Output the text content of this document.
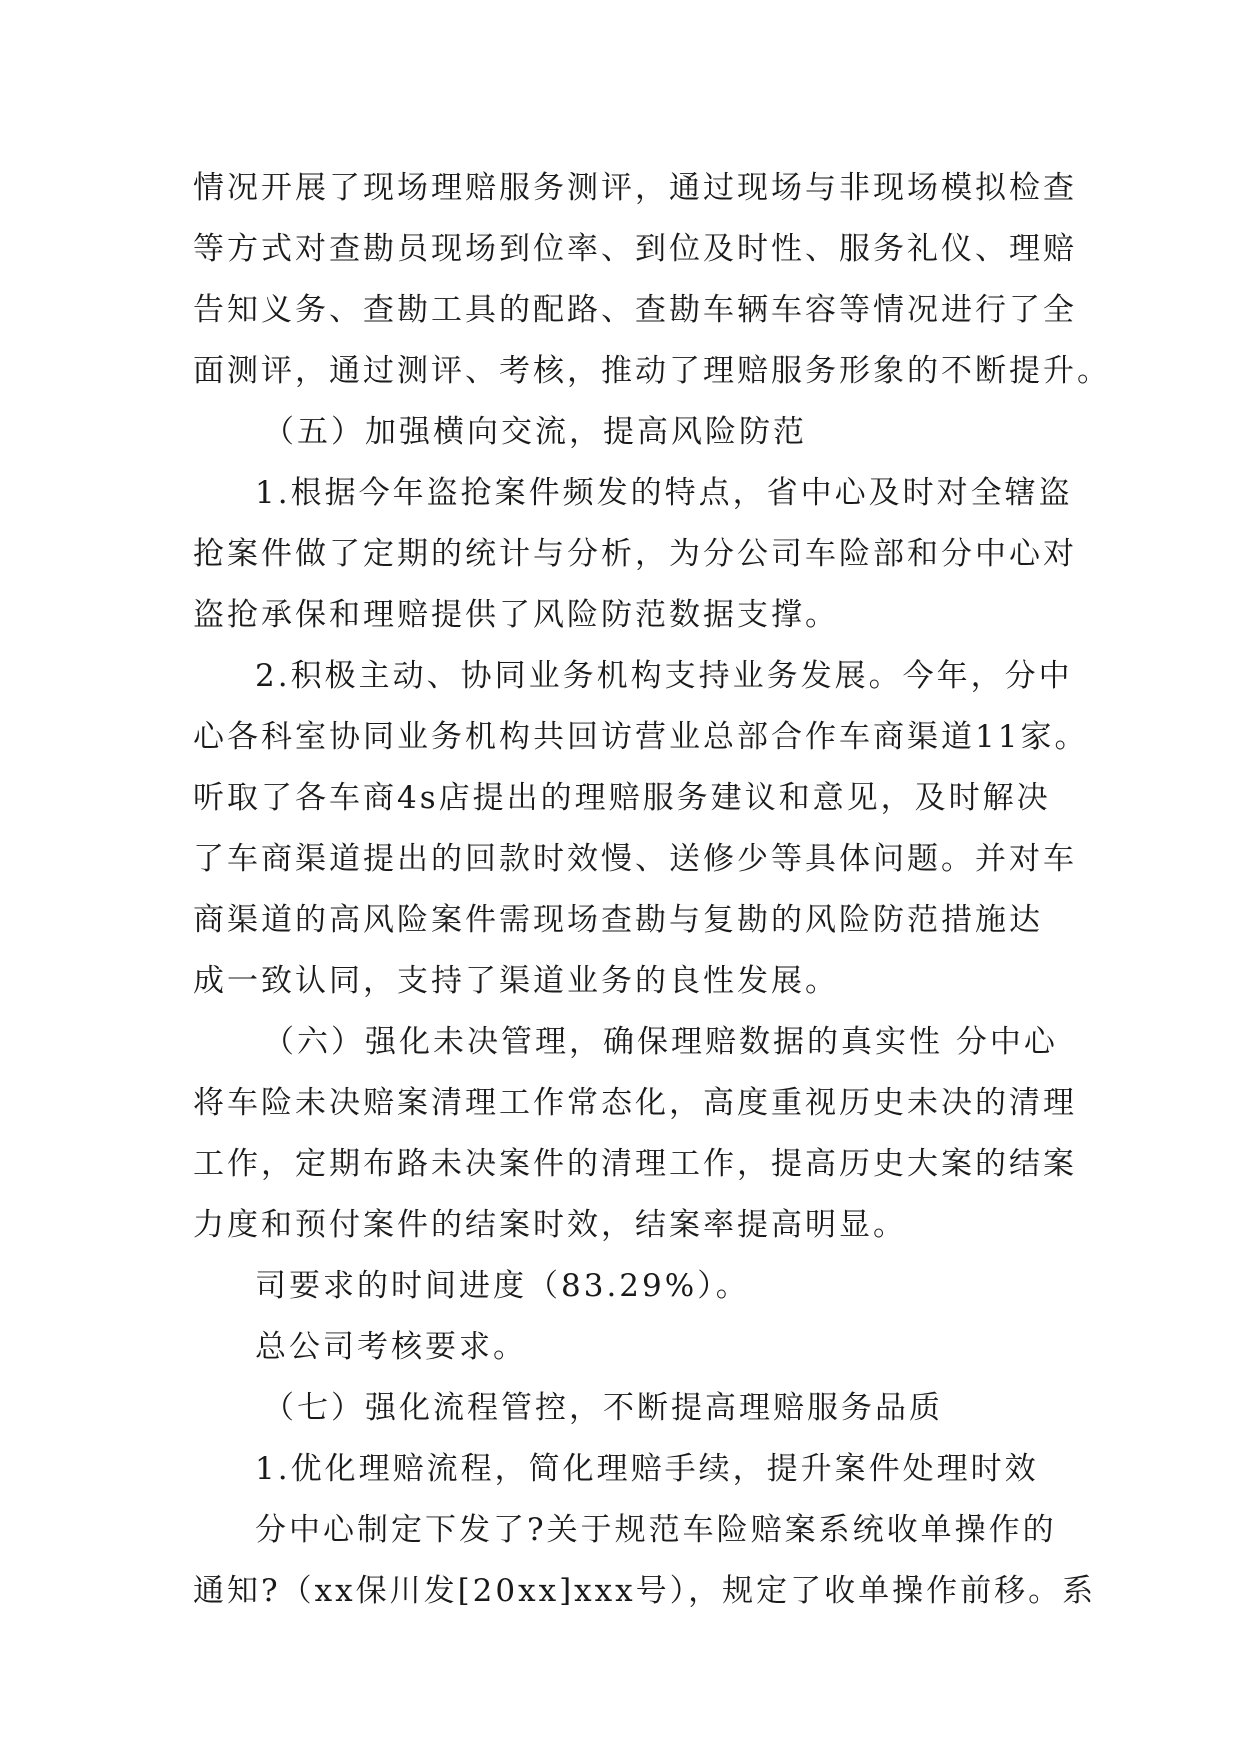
情况开展了现场理赔服务测评，通过现场与非现场模拟检查
等方式对查勘员现场到位率、到位及时性、服务礼仪、理赔
告知义务、查勘工具的配路、查勘车辆车容等情况进行了全
面测评，通过测评、考核，推动了理赔服务形象的不断提升。
（五）加强横向交流，提高风险防范
1.根据今年盗抢案件频发的特点，省中心及时对全辖盗
抢案件做了定期的统计与分析，为分公司车险部和分中心对
盗抢承保和理赔提供了风险防范数据支撑。
2.积极主动、协同业务机构支持业务发展。今年，分中
心各科室协同业务机构共回访营业总部合作车商渠道11家。
听取了各车商4s店提出的理赔服务建议和意见，及时解决
了车商渠道提出的回款时效慢、送修少等具体问题。并对车
商渠道的高风险案件需现场查勘与复勘的风险防范措施达
成一致认同，支持了渠道业务的良性发展。
（六）强化未决管理，确保理赔数据的真实性 分中心
将车险未决赔案清理工作常态化，高度重视历史未决的清理
工作，定期布路未决案件的清理工作，提高历史大案的结案
力度和预付案件的结案时效，结案率提高明显。
司要求的时间进度（83.29%）。
总公司考核要求。
（七）强化流程管控，不断提高理赔服务品质
1.优化理赔流程，简化理赔手续，提升案件处理时效
分中心制定下发了?关于规范车险赔案系统收单操作的
通知?（xx保川发[20xx]xxx号），规定了收单操作前移。系
